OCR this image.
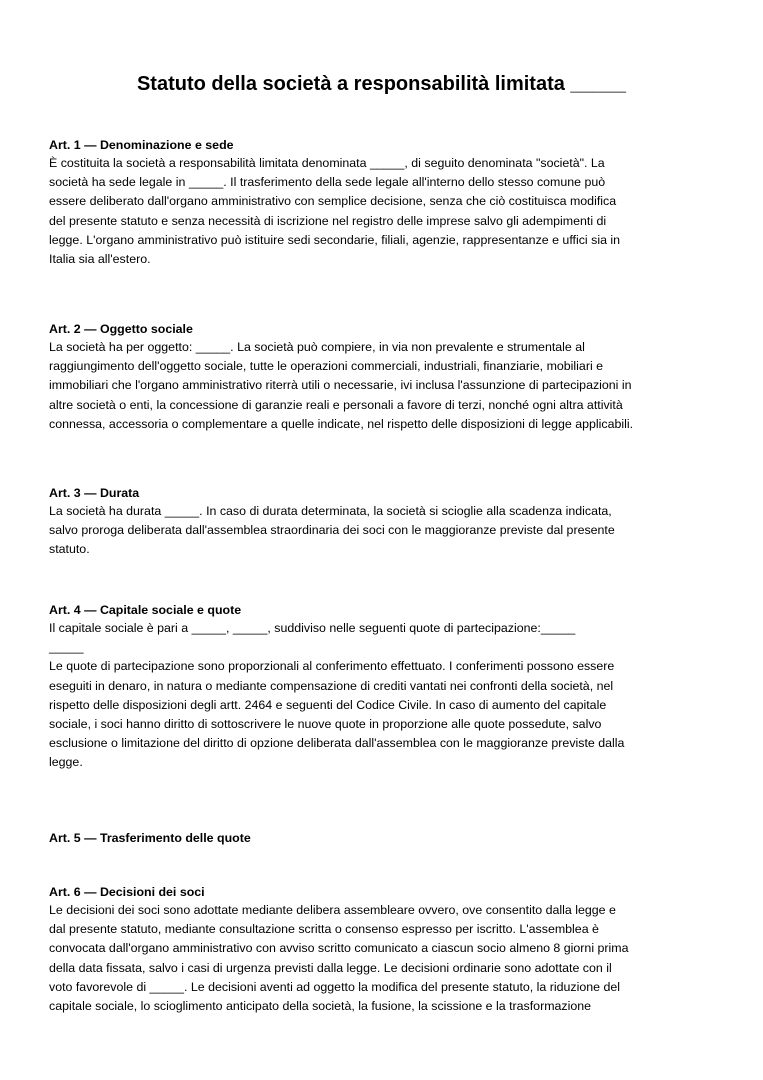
Statuto della società a responsabilità limitata _____
Art. 1 — Denominazione e sede

È costituita la società a responsabilità limitata denominata _____, di seguito denominata "società". La
società ha sede legale in _____. Il trasferimento della sede legale all'interno dello stesso comune può
essere deliberato dall'organo amministrativo con semplice decisione, senza che ciò costituisca modifica
del presente statuto e senza necessità di iscrizione nel registro delle imprese salvo gli adempimenti di
legge. L'organo amministrativo può istituire sedi secondarie, filiali, agenzie, rappresentanze e uffici sia in
Italia sia all'estero.

Art. 2 — Oggetto sociale

La società ha per oggetto: _____. La società può compiere, in via non prevalente e strumentale al
raggiungimento dell'oggetto sociale, tutte le operazioni commerciali, industriali, finanziarie, mobiliari e
immobiliari che l'organo amministrativo riterrà utili o necessarie, ivi inclusa l'assunzione di partecipazioni in
altre società o enti, la concessione di garanzie reali e personali a favore di terzi, nonché ogni altra attività
connessa, accessoria o complementare a quelle indicate, nel rispetto delle disposizioni di legge applicabili.

Art. 3 — Durata

La società ha durata _____. In caso di durata determinata, la società si scioglie alla scadenza indicata,
salvo proroga deliberata dall'assemblea straordinaria dei soci con le maggioranze previste dal presente
statuto.

Art. 4 — Capitale sociale e quote

Il capitale sociale è pari a _____, _____, suddiviso nelle seguenti quote di partecipazione:_____
_____
Le quote di partecipazione sono proporzionali al conferimento effettuato. I conferimenti possono essere
eseguiti in denaro, in natura o mediante compensazione di crediti vantati nei confronti della società, nel
rispetto delle disposizioni degli artt. 2464 e seguenti del Codice Civile. In caso di aumento del capitale
sociale, i soci hanno diritto di sottoscrivere le nuove quote in proporzione alle quote possedute, salvo
esclusione o limitazione del diritto di opzione deliberata dall'assemblea con le maggioranze previste dalla
legge.

Art. 5 — Trasferimento delle quote
Art. 6 — Decisioni dei soci

Le decisioni dei soci sono adottate mediante delibera assembleare ovvero, ove consentito dalla legge e
dal presente statuto, mediante consultazione scritta o consenso espresso per iscritto. L'assemblea è
convocata dall'organo amministrativo con avviso scritto comunicato a ciascun socio almeno 8 giorni prima
della data fissata, salvo i casi di urgenza previsti dalla legge. Le decisioni ordinarie sono adottate con il
voto favorevole di _____. Le decisioni aventi ad oggetto la modifica del presente statuto, la riduzione del
capitale sociale, lo scioglimento anticipato della società, la fusione, la scissione e la trasformazione
